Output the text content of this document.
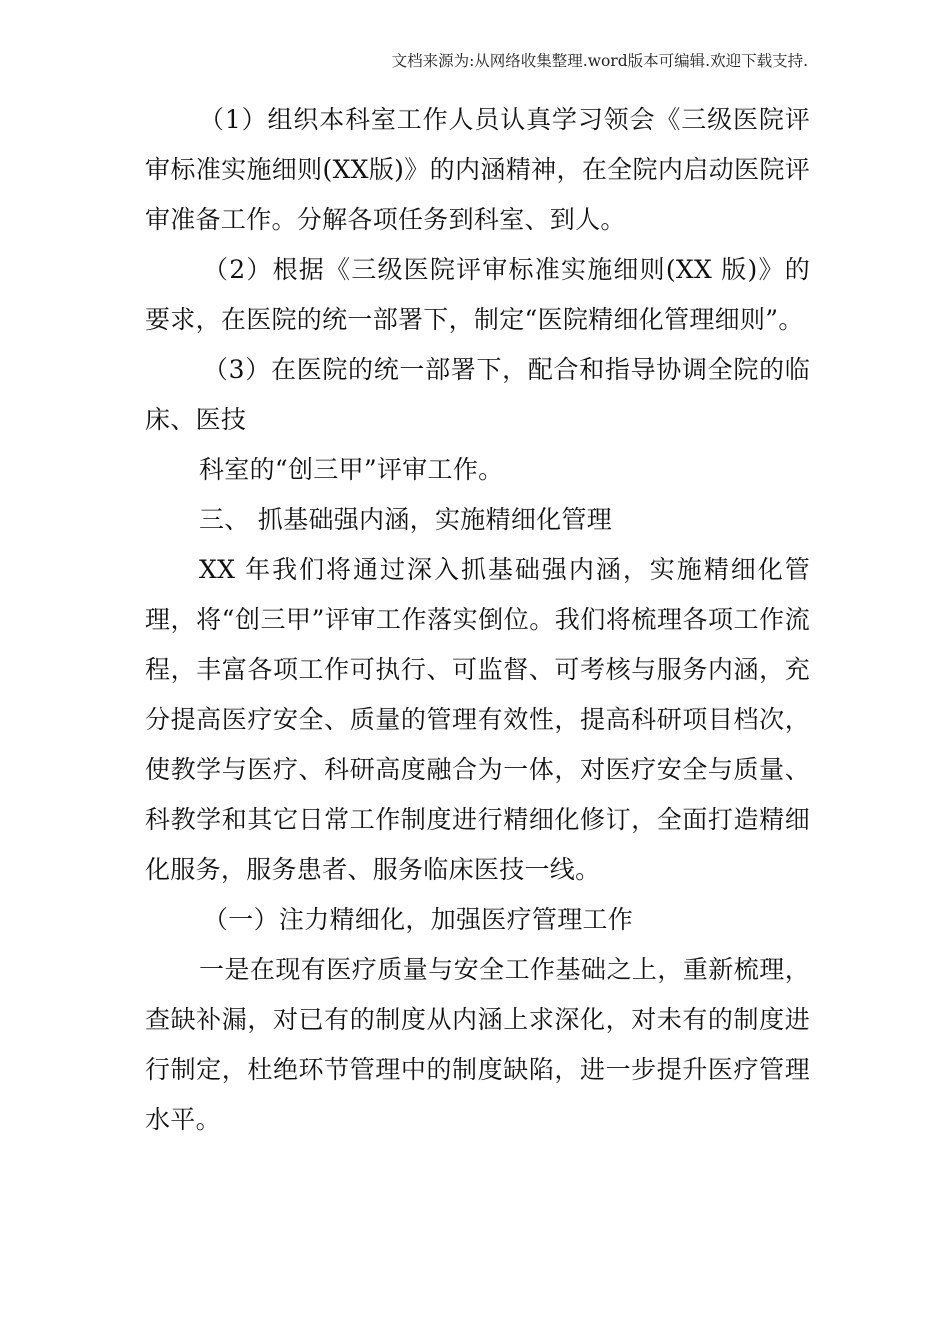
文档来源为:从网络收集整理.word版本可编辑.欢迎下载支持.

（1）组织本科室工作人员认真学习领会《三级医院评审标准实施细则(XX版)》的内涵精神，在全院内启动医院评审准备工作。分解各项任务到科室、到人。

（2）根据《三级医院评审标准实施细则(XX 版)》的要求，在医院的统一部署下，制定“医院精细化管理细则”。

（3）在医院的统一部署下，配合和指导协调全院的临床、医技

科室的“创三甲”评审工作。

三、 抓基础强内涵，实施精细化管理

XX 年我们将通过深入抓基础强内涵，实施精细化管理，将“创三甲”评审工作落实倒位。我们将梳理各项工作流程，丰富各项工作可执行、可监督、可考核与服务内涵，充分提高医疗安全、质量的管理有效性，提高科研项目档次，使教学与医疗、科研高度融合为一体，对医疗安全与质量、科教学和其它日常工作制度进行精细化修订，全面打造精细化服务，服务患者、服务临床医技一线。

（一）注力精细化，加强医疗管理工作

一是在现有医疗质量与安全工作基础之上，重新梳理，查缺补漏，对已有的制度从内涵上求深化，对未有的制度进行制定，杜绝环节管理中的制度缺陷，进一步提升医疗管理水平。
